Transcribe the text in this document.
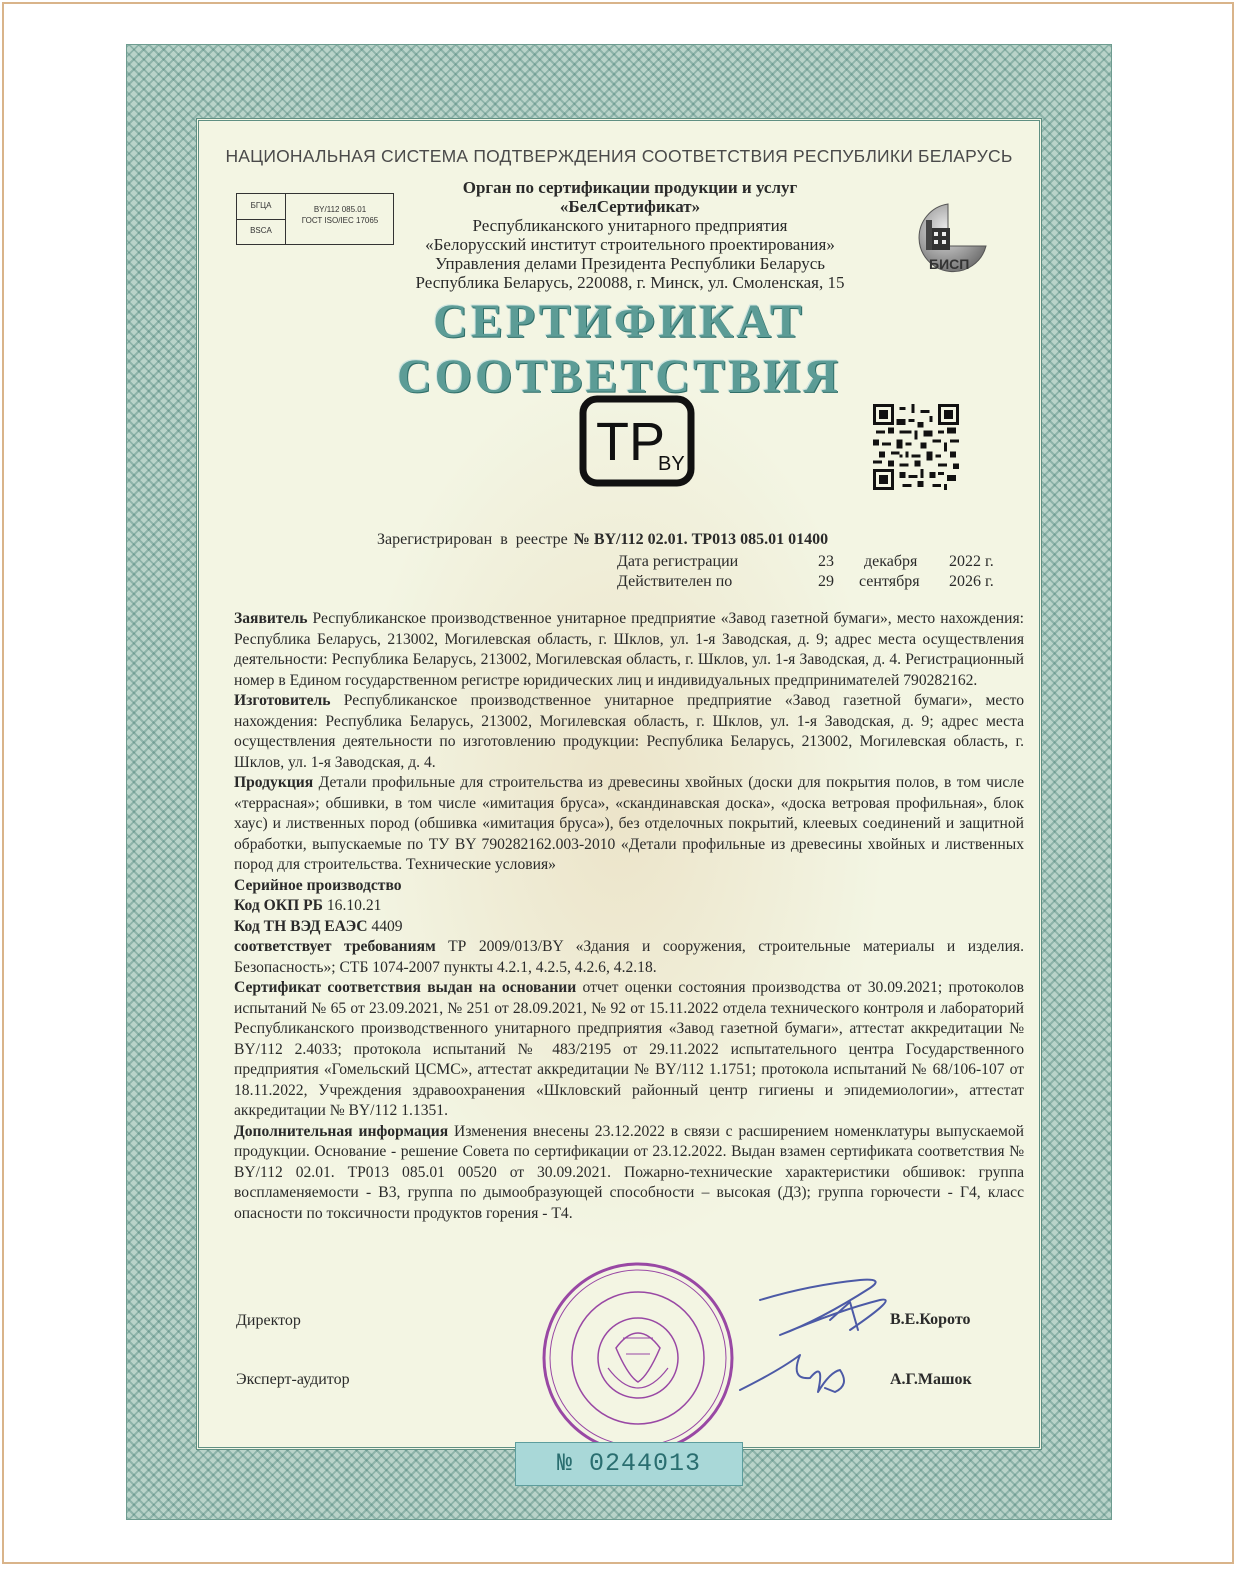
НАЦИОНАЛЬНАЯ СИСТЕМА ПОДТВЕРЖДЕНИЯ СООТВЕТСТВИЯ РЕСПУБЛИКИ БЕЛАРУСЬ
БГЦА
BSCA
BY/112 085.01
ГОСТ ISO/IEC 17065
Орган по сертификации продукции и услуг
«БелСертификат»
Республиканского унитарного предприятия
«Белорусский институт строительного проектирования»
Управления делами Президента Республики Беларусь
Республика Беларусь, 220088, г. Минск, ул. Смоленская, 15
БИСП
СЕРТИФИКАТ СООТВЕТСТВИЯ
TP
BY
Зарегистрирован в реестре № BY/112 02.01. ТР013 085.01 01400
Дата регистрации	23 декабря 2022 г.
Действителен по	29 сентября 2026 г.

Заявитель Республиканское производственное унитарное предприятие «Завод газетной бумаги», место нахождения: Республика Беларусь, 213002, Могилевская область, г. Шклов, ул. 1-я Заводская, д. 9; адрес места осуществления деятельности: Республика Беларусь, 213002, Могилевская область, г. Шклов, ул. 1-я Заводская, д. 4. Регистрационный номер в Едином государственном регистре юридических лиц и индивидуальных предпринимателей 790282162.

Изготовитель Республиканское производственное унитарное предприятие «Завод газетной бумаги», место нахождения: Республика Беларусь, 213002, Могилевская область, г. Шклов, ул. 1-я Заводская, д. 9; адрес места осуществления деятельности по изготовлению продукции: Республика Беларусь, 213002, Могилевская область, г. Шклов, ул. 1-я Заводская, д. 4.

Продукция Детали профильные для строительства из древесины хвойных (доски для покрытия полов, в том числе «террасная»; обшивки, в том числе «имитация бруса», «скандинавская доска», «доска ветровая профильная», блок хаус) и лиственных пород (обшивка «имитация бруса»), без отделочных покрытий, клеевых соединений и защитной обработки, выпускаемые по ТУ BY 790282162.003-2010 «Детали профильные из древесины хвойных и лиственных пород для строительства. Технические условия»

Серийное производство

Код ОКП РБ 16.10.21

Код ТН ВЭД ЕАЭС 4409

соответствует требованиям ТР 2009/013/BY «Здания и сооружения, строительные материалы и изделия. Безопасность»; СТБ 1074-2007 пункты 4.2.1, 4.2.5, 4.2.6, 4.2.18.

Сертификат соответствия выдан на основании отчет оценки состояния производства от 30.09.2021; протоколов испытаний № 65 от 23.09.2021, № 251 от 28.09.2021, № 92 от 15.11.2022 отдела технического контроля и лабораторий Республиканского производственного унитарного предприятия «Завод газетной бумаги», аттестат аккредитации № BY/112 2.4033; протокола испытаний № 483/2195 от 29.11.2022 испытательного центра Государственного предприятия «Гомельский ЦСМС», аттестат аккредитации № BY/112 1.1751; протокола испытаний № 68/106-107 от 18.11.2022, Учреждения здравоохранения «Шкловский районный центр гигиены и эпидемиологии», аттестат аккредитации № BY/112 1.1351.

Дополнительная информация Изменения внесены 23.12.2022 в связи с расширением номенклатуры выпускаемой продукции. Основание - решение Совета по сертификации от 23.12.2022. Выдан взамен сертификата соответствия № BY/112 02.01. ТР013 085.01 00520 от 30.09.2021. Пожарно-технические характеристики обшивок: группа воспламеняемости - В3, группа по дымообразующей способности – высокая (Д3); группа горючести - Г4, класс опасности по токсичности продуктов горения - Т4.

Директор	В.Е.Корото
Эксперт-аудитор	А.Г.Машок
№ 0244013
